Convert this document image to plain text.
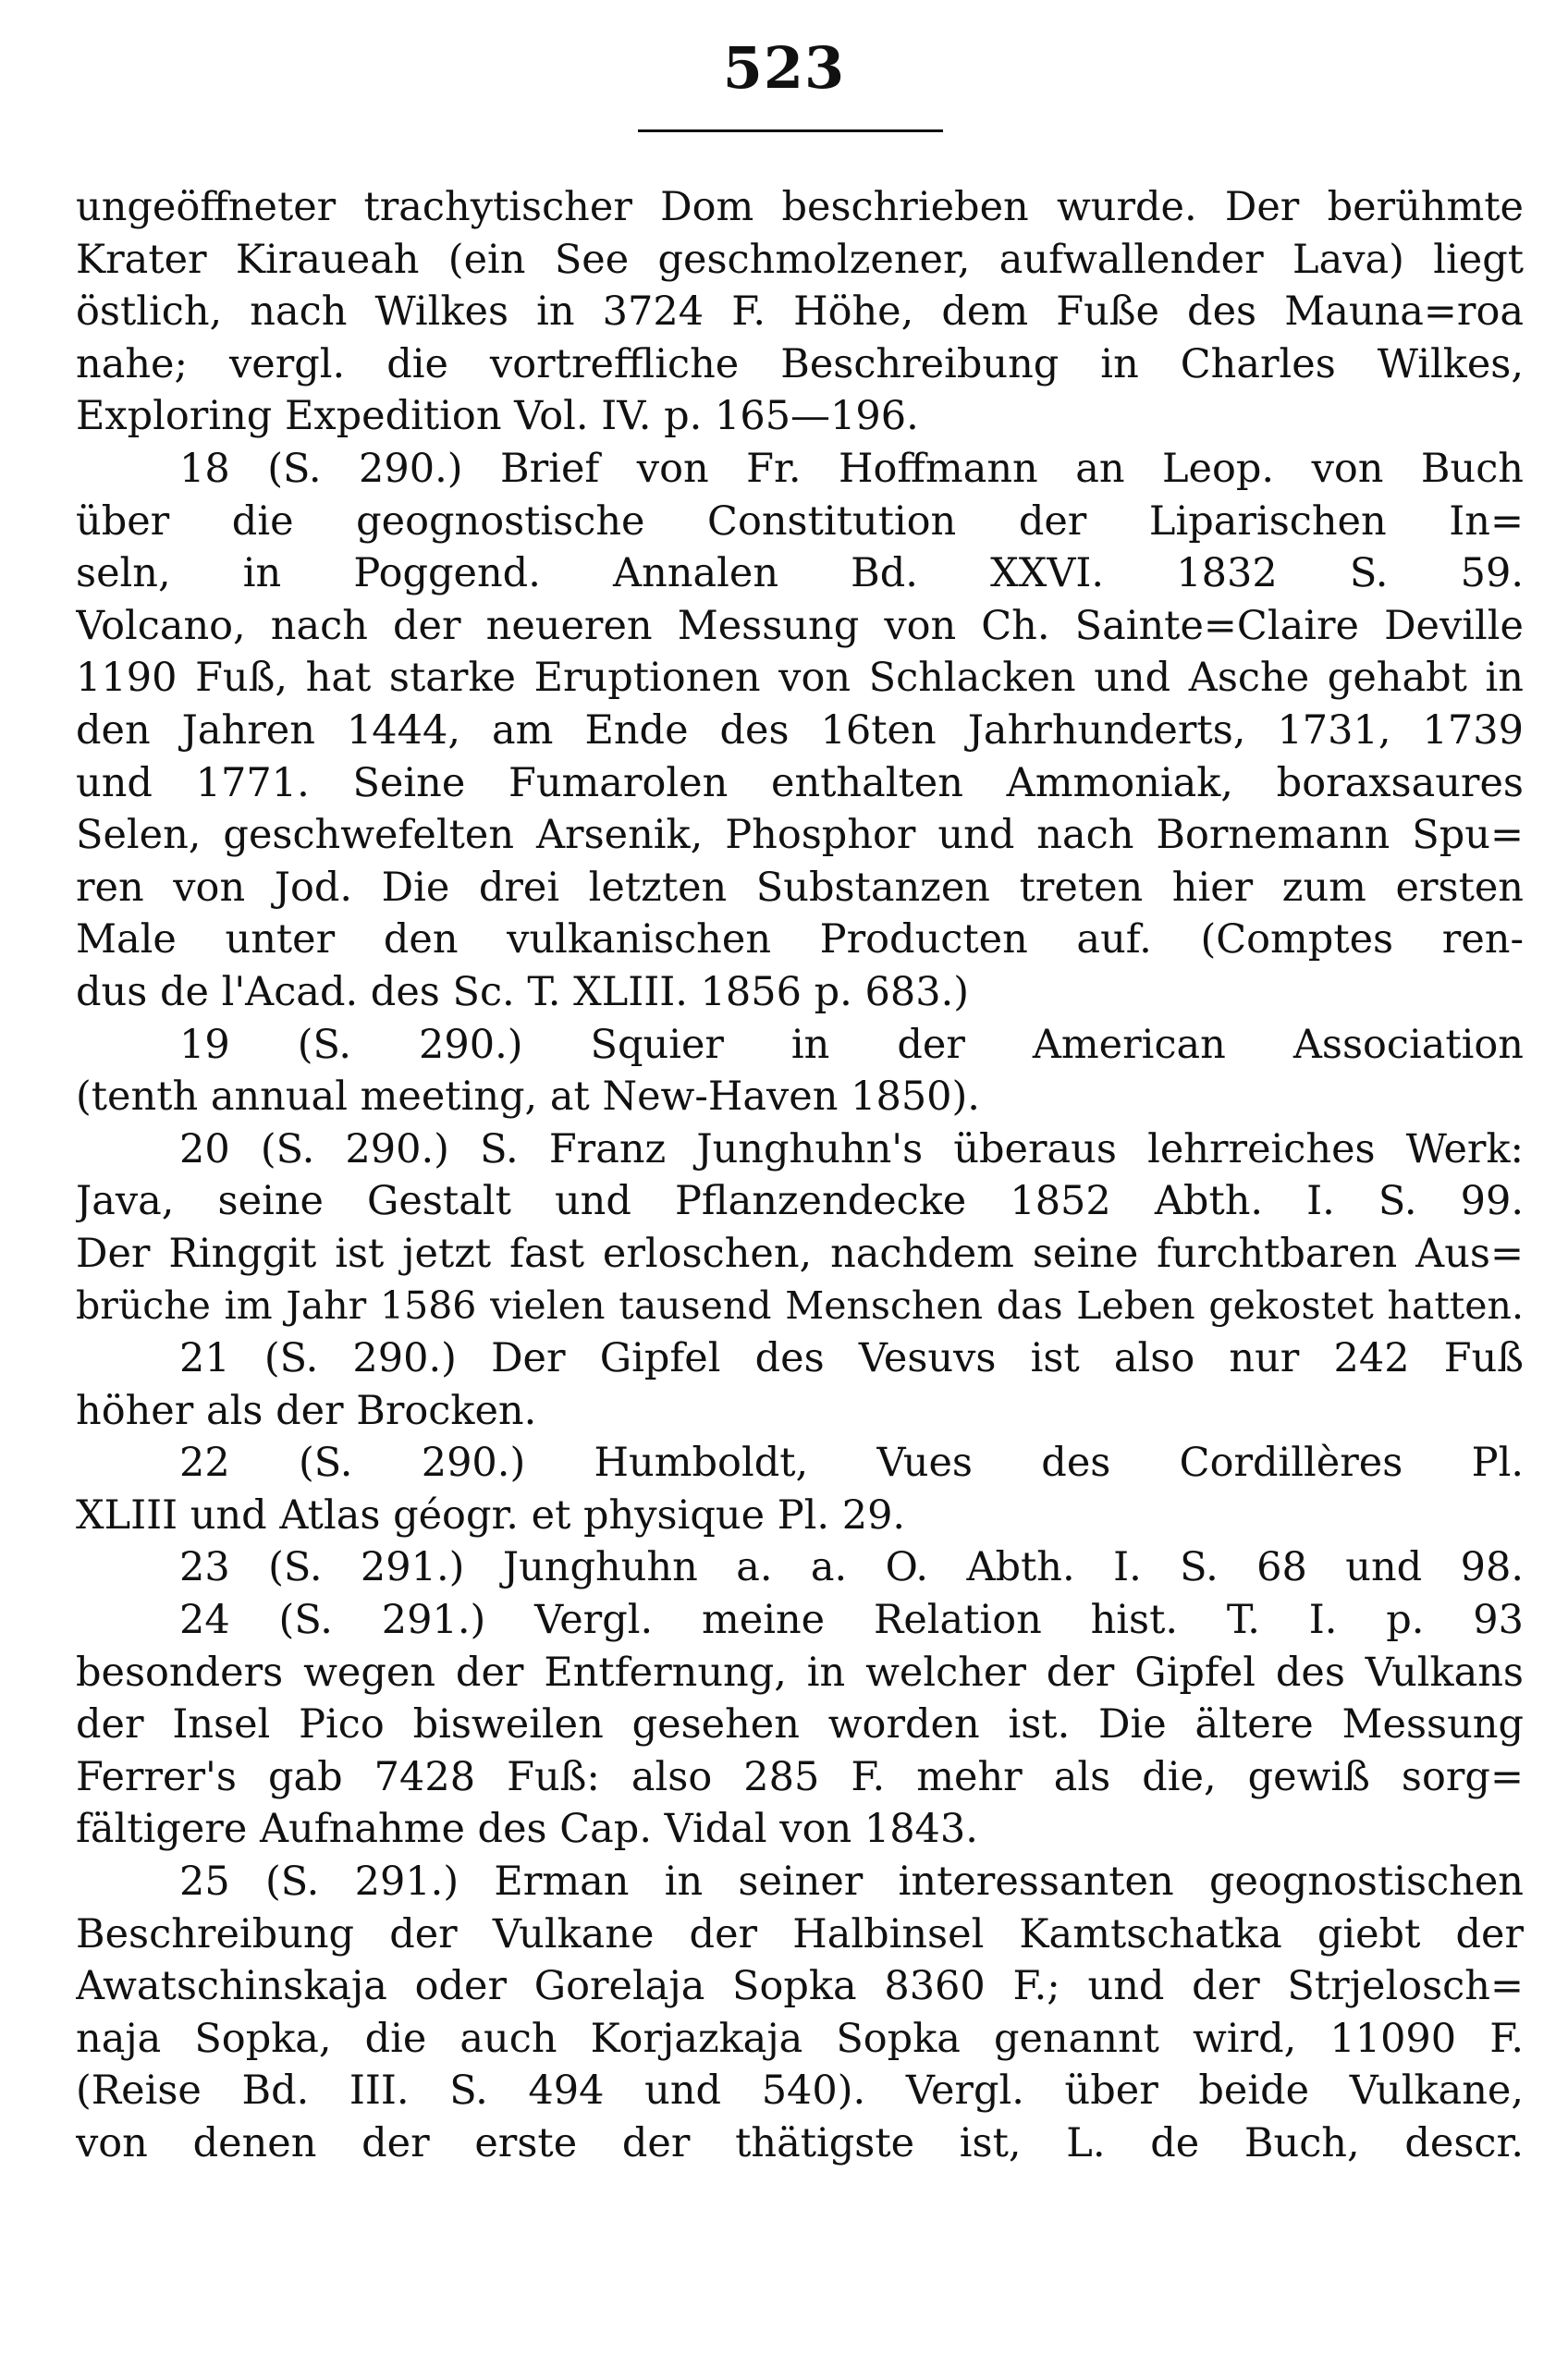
523
ungeöffneter trachytischer Dom beschrieben wurde. Der berühmte
Krater Kiraueah (ein See geschmolzener, aufwallender Lava) liegt
östlich, nach Wilkes in 3724 F. Höhe, dem Fuße des Mauna=roa
nahe; vergl. die vortreffliche Beschreibung in Charles Wilkes,
Exploring Expedition Vol. IV. p. 165—196.
18 (S. 290.) Brief von Fr. Hoffmann an Leop. von Buch
über die geognostische Constitution der Liparischen In=
seln, in Poggend. Annalen Bd. XXVI. 1832 S. 59.
Volcano, nach der neueren Messung von Ch. Sainte=Claire Deville
1190 Fuß, hat starke Eruptionen von Schlacken und Asche gehabt in
den Jahren 1444, am Ende des 16ten Jahrhunderts, 1731, 1739
und 1771. Seine Fumarolen enthalten Ammoniak, boraxsaures
Selen, geschwefelten Arsenik, Phosphor und nach Bornemann Spu=
ren von Jod. Die drei letzten Substanzen treten hier zum ersten
Male unter den vulkanischen Producten auf. (Comptes ren-
dus de l'Acad. des Sc. T. XLIII. 1856 p. 683.)
19 (S. 290.) Squier in der American Association
(tenth annual meeting, at New-Haven 1850).
20 (S. 290.) S. Franz Junghuhn's überaus lehrreiches Werk:
Java, seine Gestalt und Pflanzendecke 1852 Abth. I. S. 99.
Der Ringgit ist jetzt fast erloschen, nachdem seine furchtbaren Aus=
brüche im Jahr 1586 vielen tausend Menschen das Leben gekostet hatten.
21 (S. 290.) Der Gipfel des Vesuvs ist also nur 242 Fuß
höher als der Brocken.
22 (S. 290.) Humboldt, Vues des Cordillères Pl.
XLIII und Atlas géogr. et physique Pl. 29.
23 (S. 291.) Junghuhn a. a. O. Abth. I. S. 68 und 98.
24 (S. 291.) Vergl. meine Relation hist. T. I. p. 93
besonders wegen der Entfernung, in welcher der Gipfel des Vulkans
der Insel Pico bisweilen gesehen worden ist. Die ältere Messung
Ferrer's gab 7428 Fuß: also 285 F. mehr als die, gewiß sorg=
fältigere Aufnahme des Cap. Vidal von 1843.
25 (S. 291.) Erman in seiner interessanten geognostischen
Beschreibung der Vulkane der Halbinsel Kamtschatka giebt der
Awatschinskaja oder Gorelaja Sopka 8360 F.; und der Strjelosch=
naja Sopka, die auch Korjazkaja Sopka genannt wird, 11090 F.
(Reise Bd. III. S. 494 und 540). Vergl. über beide Vulkane,
von denen der erste der thätigste ist, L. de Buch, descr.
